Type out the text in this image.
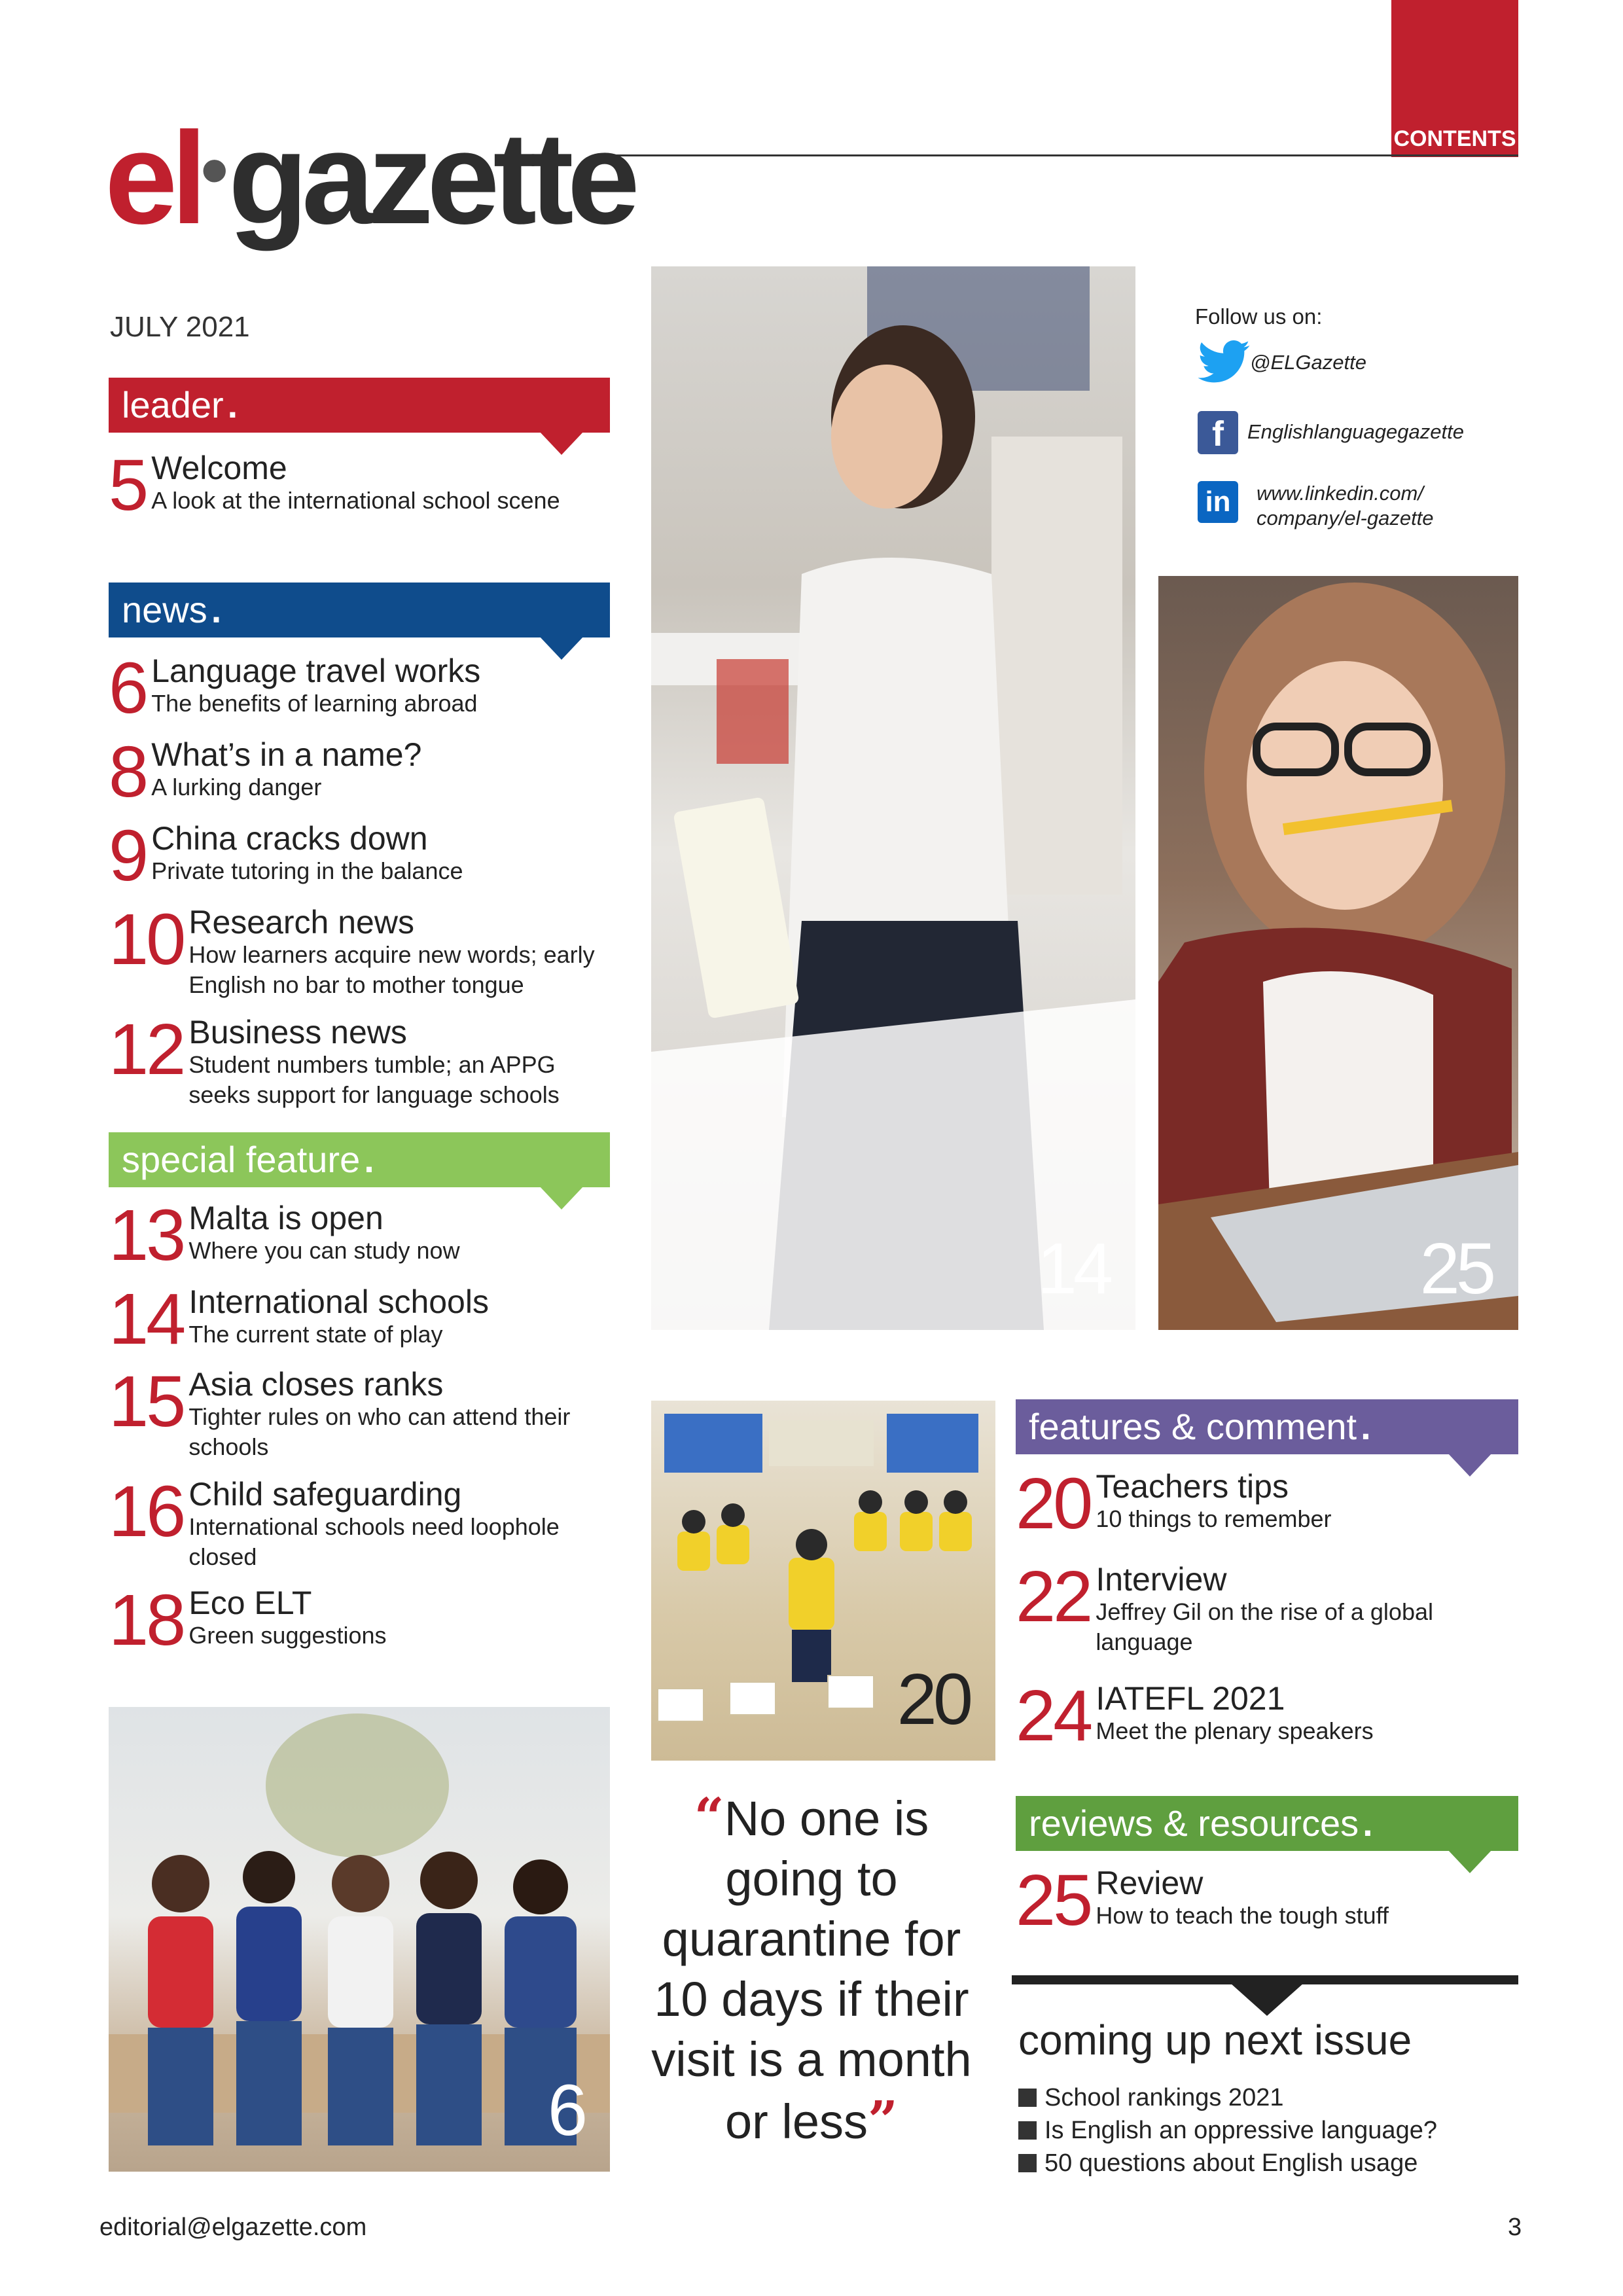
CONTENTS
el•gazette
JULY 2021
leader .
5 Welcome
A look at the international school scene
news .
6 Language travel works
The benefits of learning abroad
8 What’s in a name?
A lurking danger
9 China cracks down
Private tutoring in the balance
10 Research news
How learners acquire new words; early English no bar to mother tongue
12 Business news
Student numbers tumble; an APPG seeks support for language schools
special feature .
13 Malta is open
Where you can study now
14 International schools
The current state of play
15 Asia closes ranks
Tighter rules on who can attend their schools
16 Child safeguarding
International schools need loophole closed
18 Eco ELT
Green suggestions
14	25
20
6
Follow us on:
@ELGazette
f	Englishlanguagegazette
in	www.linkedin.com/
company/el-gazette
features & comment .
20 Teachers tips
10 things to remember
22 Interview
Jeffrey Gil on the rise of a global language
24 IATEFL 2021
Meet the plenary speakers
reviews & resources .
25 Review
How to teach the tough stuff
“No one is going to quarantine for 10 days if their visit is a month or less”
coming up next issue
School rankings 2021
Is English an oppressive language?
50 questions about English usage
editorial@elgazette.com	3
